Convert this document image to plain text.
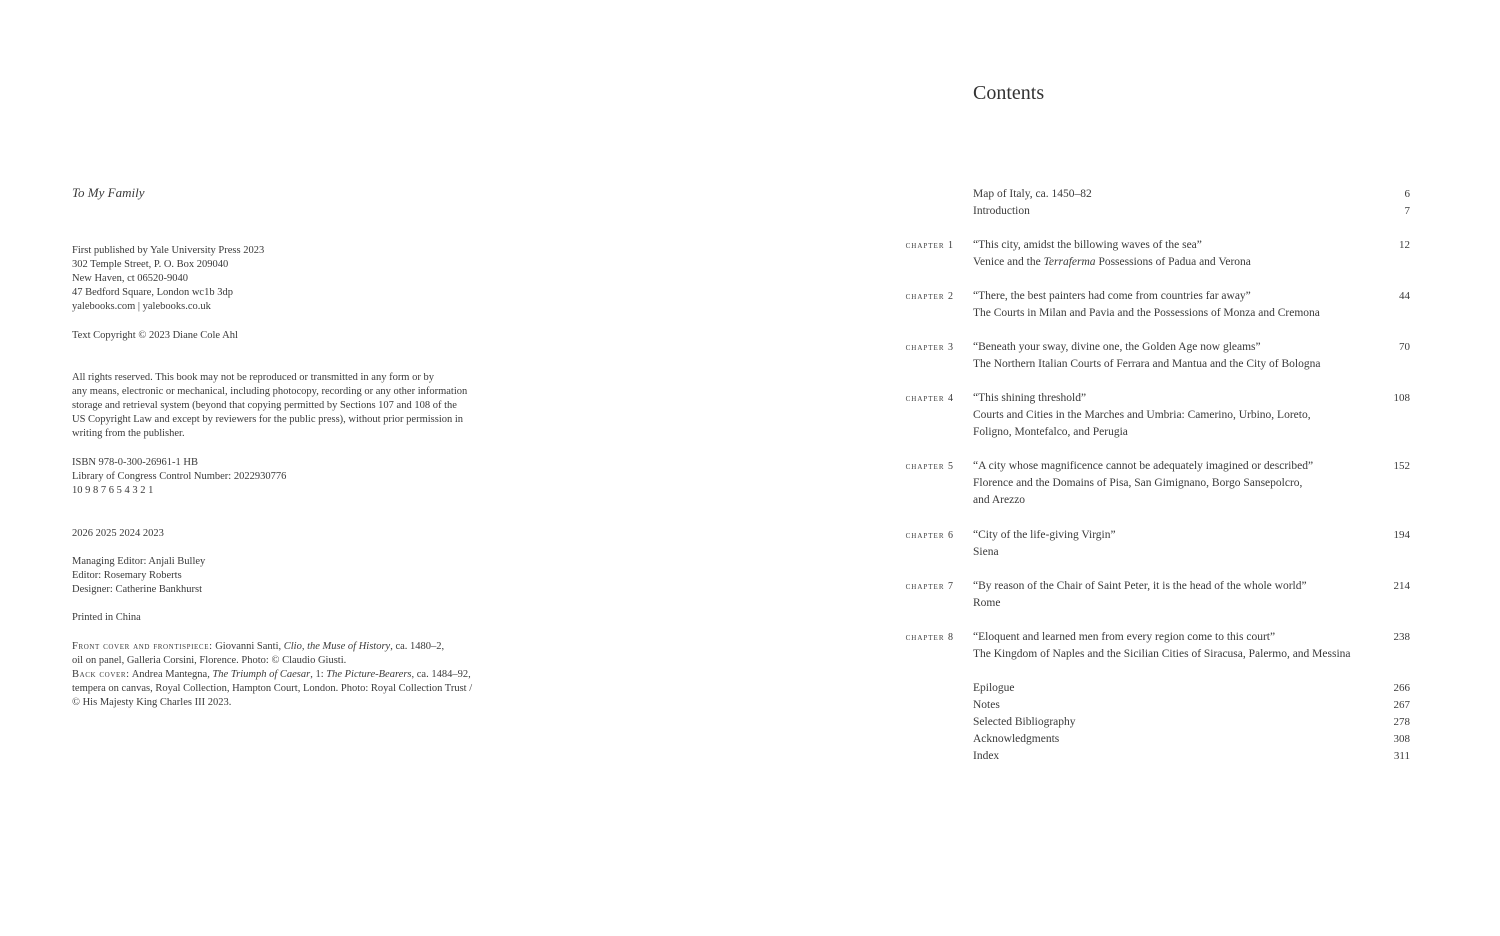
To My Family
First published by Yale University Press 2023
302 Temple Street, P. O. Box 209040
New Haven, ct 06520-9040
47 Bedford Square, London wc1b 3dp
yalebooks.com | yalebooks.co.uk
Text Copyright © 2023 Diane Cole Ahl
All rights reserved. This book may not be reproduced or transmitted in any form or by
any means, electronic or mechanical, including photocopy, recording or any other information
storage and retrieval system (beyond that copying permitted by Sections 107 and 108 of the
US Copyright Law and except by reviewers for the public press), without prior permission in
writing from the publisher.
ISBN 978-0-300-26961-1 HB
Library of Congress Control Number: 2022930776
10 9 8 7 6 5 4 3 2 1
2026 2025 2024 2023
Managing Editor: Anjali Bulley
Editor: Rosemary Roberts
Designer: Catherine Bankhurst
Printed in China
Front cover and frontispiece: Giovanni Santi, Clio, the Muse of History, ca. 1480–2,
oil on panel, Galleria Corsini, Florence. Photo: © Claudio Giusti.
Back cover: Andrea Mantegna, The Triumph of Caesar, 1: The Picture-Bearers, ca. 1484–92,
tempera on canvas, Royal Collection, Hampton Court, London. Photo: Royal Collection Trust /
© His Majesty King Charles III 2023.
Contents
Map of Italy, ca. 1450–82	6
Introduction	7
chapter 1 “This city, amidst the billowing waves of the sea”	12
Venice and the Terraferma Possessions of Padua and Verona
chapter 2 “There, the best painters had come from countries far away”	44
The Courts in Milan and Pavia and the Possessions of Monza and Cremona
chapter 3 “Beneath your sway, divine one, the Golden Age now gleams”	70
The Northern Italian Courts of Ferrara and Mantua and the City of Bologna
chapter 4 “This shining threshold”	108
Courts and Cities in the Marches and Umbria: Camerino, Urbino, Loreto,
Foligno, Montefalco, and Perugia
chapter 5 “A city whose magnificence cannot be adequately imagined or described”	152
Florence and the Domains of Pisa, San Gimignano, Borgo Sansepolcro,
and Arezzo
chapter 6 “City of the life-giving Virgin”	194
Siena
chapter 7 “By reason of the Chair of Saint Peter, it is the head of the whole world”	214
Rome
chapter 8 “Eloquent and learned men from every region come to this court”	238
The Kingdom of Naples and the Sicilian Cities of Siracusa, Palermo, and Messina
Epilogue	266
Notes	267
Selected Bibliography	278
Acknowledgments	308
Index	311
